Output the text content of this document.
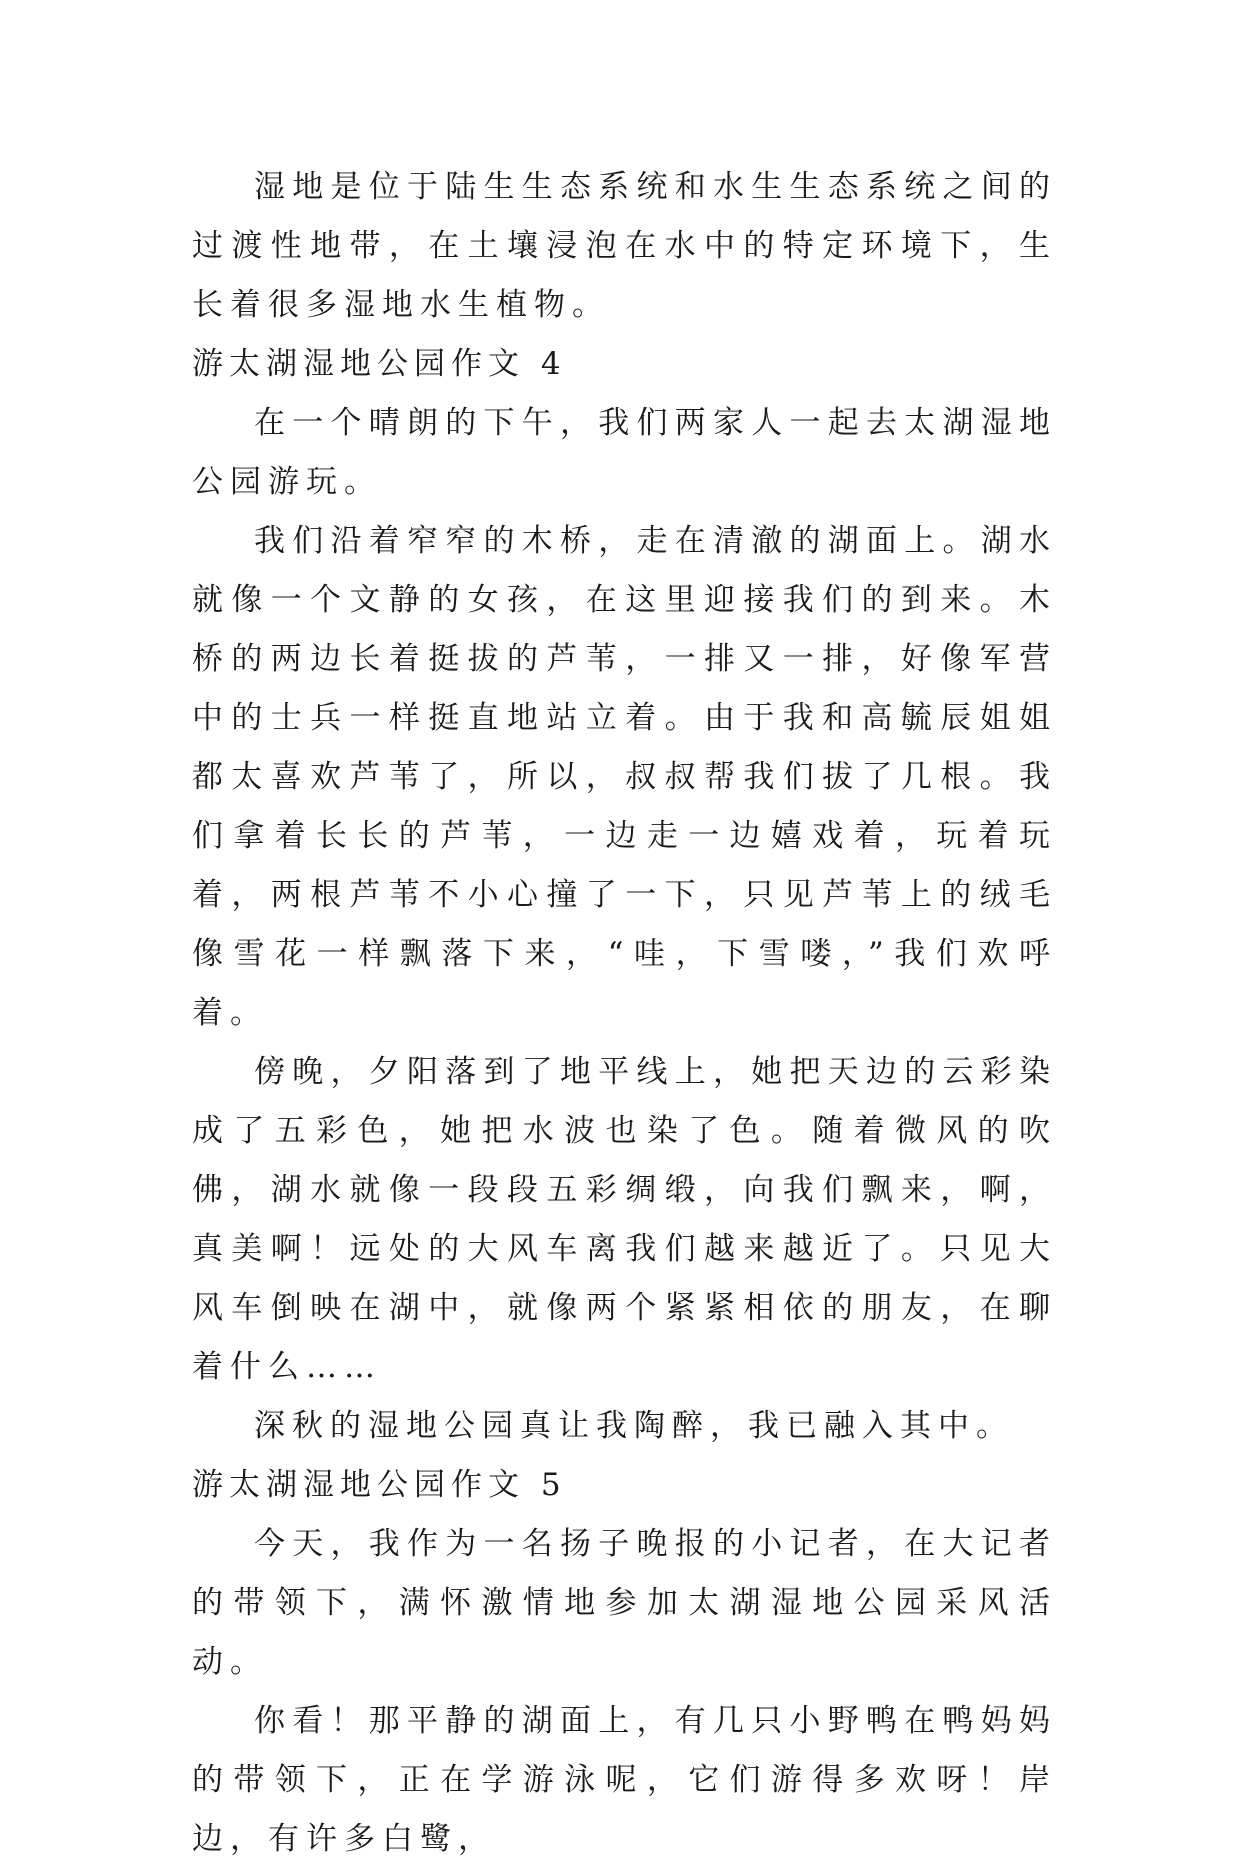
湿地是位于陆生生态系统和水生生态系统之间的过渡性地带，在土壤浸泡在水中的特定环境下，生长着很多湿地水生植物。

游太湖湿地公园作文 4

在一个晴朗的下午，我们两家人一起去太湖湿地公园游玩。

我们沿着窄窄的木桥，走在清澈的湖面上。湖水就像一个文静的女孩，在这里迎接我们的到来。木桥的两边长着挺拔的芦苇，一排又一排，好像军营中的士兵一样挺直地站立着。由于我和高毓辰姐姐都太喜欢芦苇了，所以，叔叔帮我们拔了几根。我们拿着长长的芦苇，一边走一边嬉戏着，玩着玩着，两根芦苇不小心撞了一下，只见芦苇上的绒毛像雪花一样飘落下来，“哇，下雪喽，”我们欢呼着。

傍晚，夕阳落到了地平线上，她把天边的云彩染成了五彩色，她把水波也染了色。随着微风的吹佛，湖水就像一段段五彩绸缎，向我们飘来，啊，真美啊！远处的大风车离我们越来越近了。只见大风车倒映在湖中，就像两个紧紧相依的朋友，在聊着什么……

深秋的湿地公园真让我陶醉，我已融入其中。

游太湖湿地公园作文 5

今天，我作为一名扬子晚报的小记者，在大记者的带领下，满怀激情地参加太湖湿地公园采风活动。

你看！那平静的湖面上，有几只小野鸭在鸭妈妈的带领下，正在学游泳呢，它们游得多欢呀！岸边，有许多白鹭，
